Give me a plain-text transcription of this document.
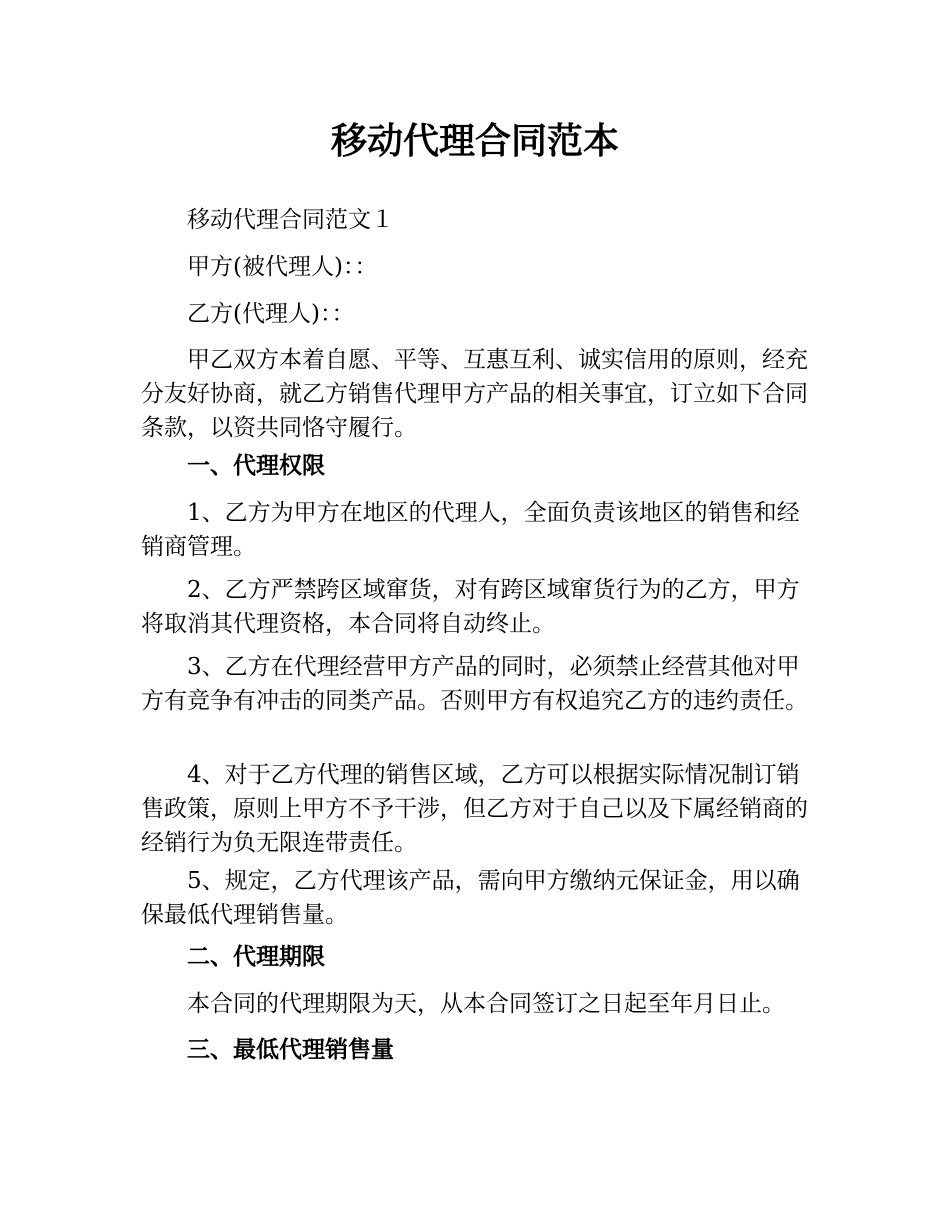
移动代理合同范本

移动代理合同范文１

甲方(被代理人)：：

乙方(代理人)：：

甲乙双方本着自愿、平等、互惠互利、诚实信用的原则，经充分友好协商，就乙方销售代理甲方产品的相关事宜，订立如下合同条款，以资共同恪守履行。

一、代理权限

1、乙方为甲方在地区的代理人，全面负责该地区的销售和经销商管理。

2、乙方严禁跨区域窜货，对有跨区域窜货行为的乙方，甲方将取消其代理资格，本合同将自动终止。

3、乙方在代理经营甲方产品的同时，必须禁止经营其他对甲方有竞争有冲击的同类产品。否则甲方有权追究乙方的违约责任。

4、对于乙方代理的销售区域，乙方可以根据实际情况制订销售政策，原则上甲方不予干涉，但乙方对于自己以及下属经销商的经销行为负无限连带责任。

5、规定，乙方代理该产品，需向甲方缴纳元保证金，用以确保最低代理销售量。

二、代理期限

本合同的代理期限为天，从本合同签订之日起至年月日止。

三、最低代理销售量
